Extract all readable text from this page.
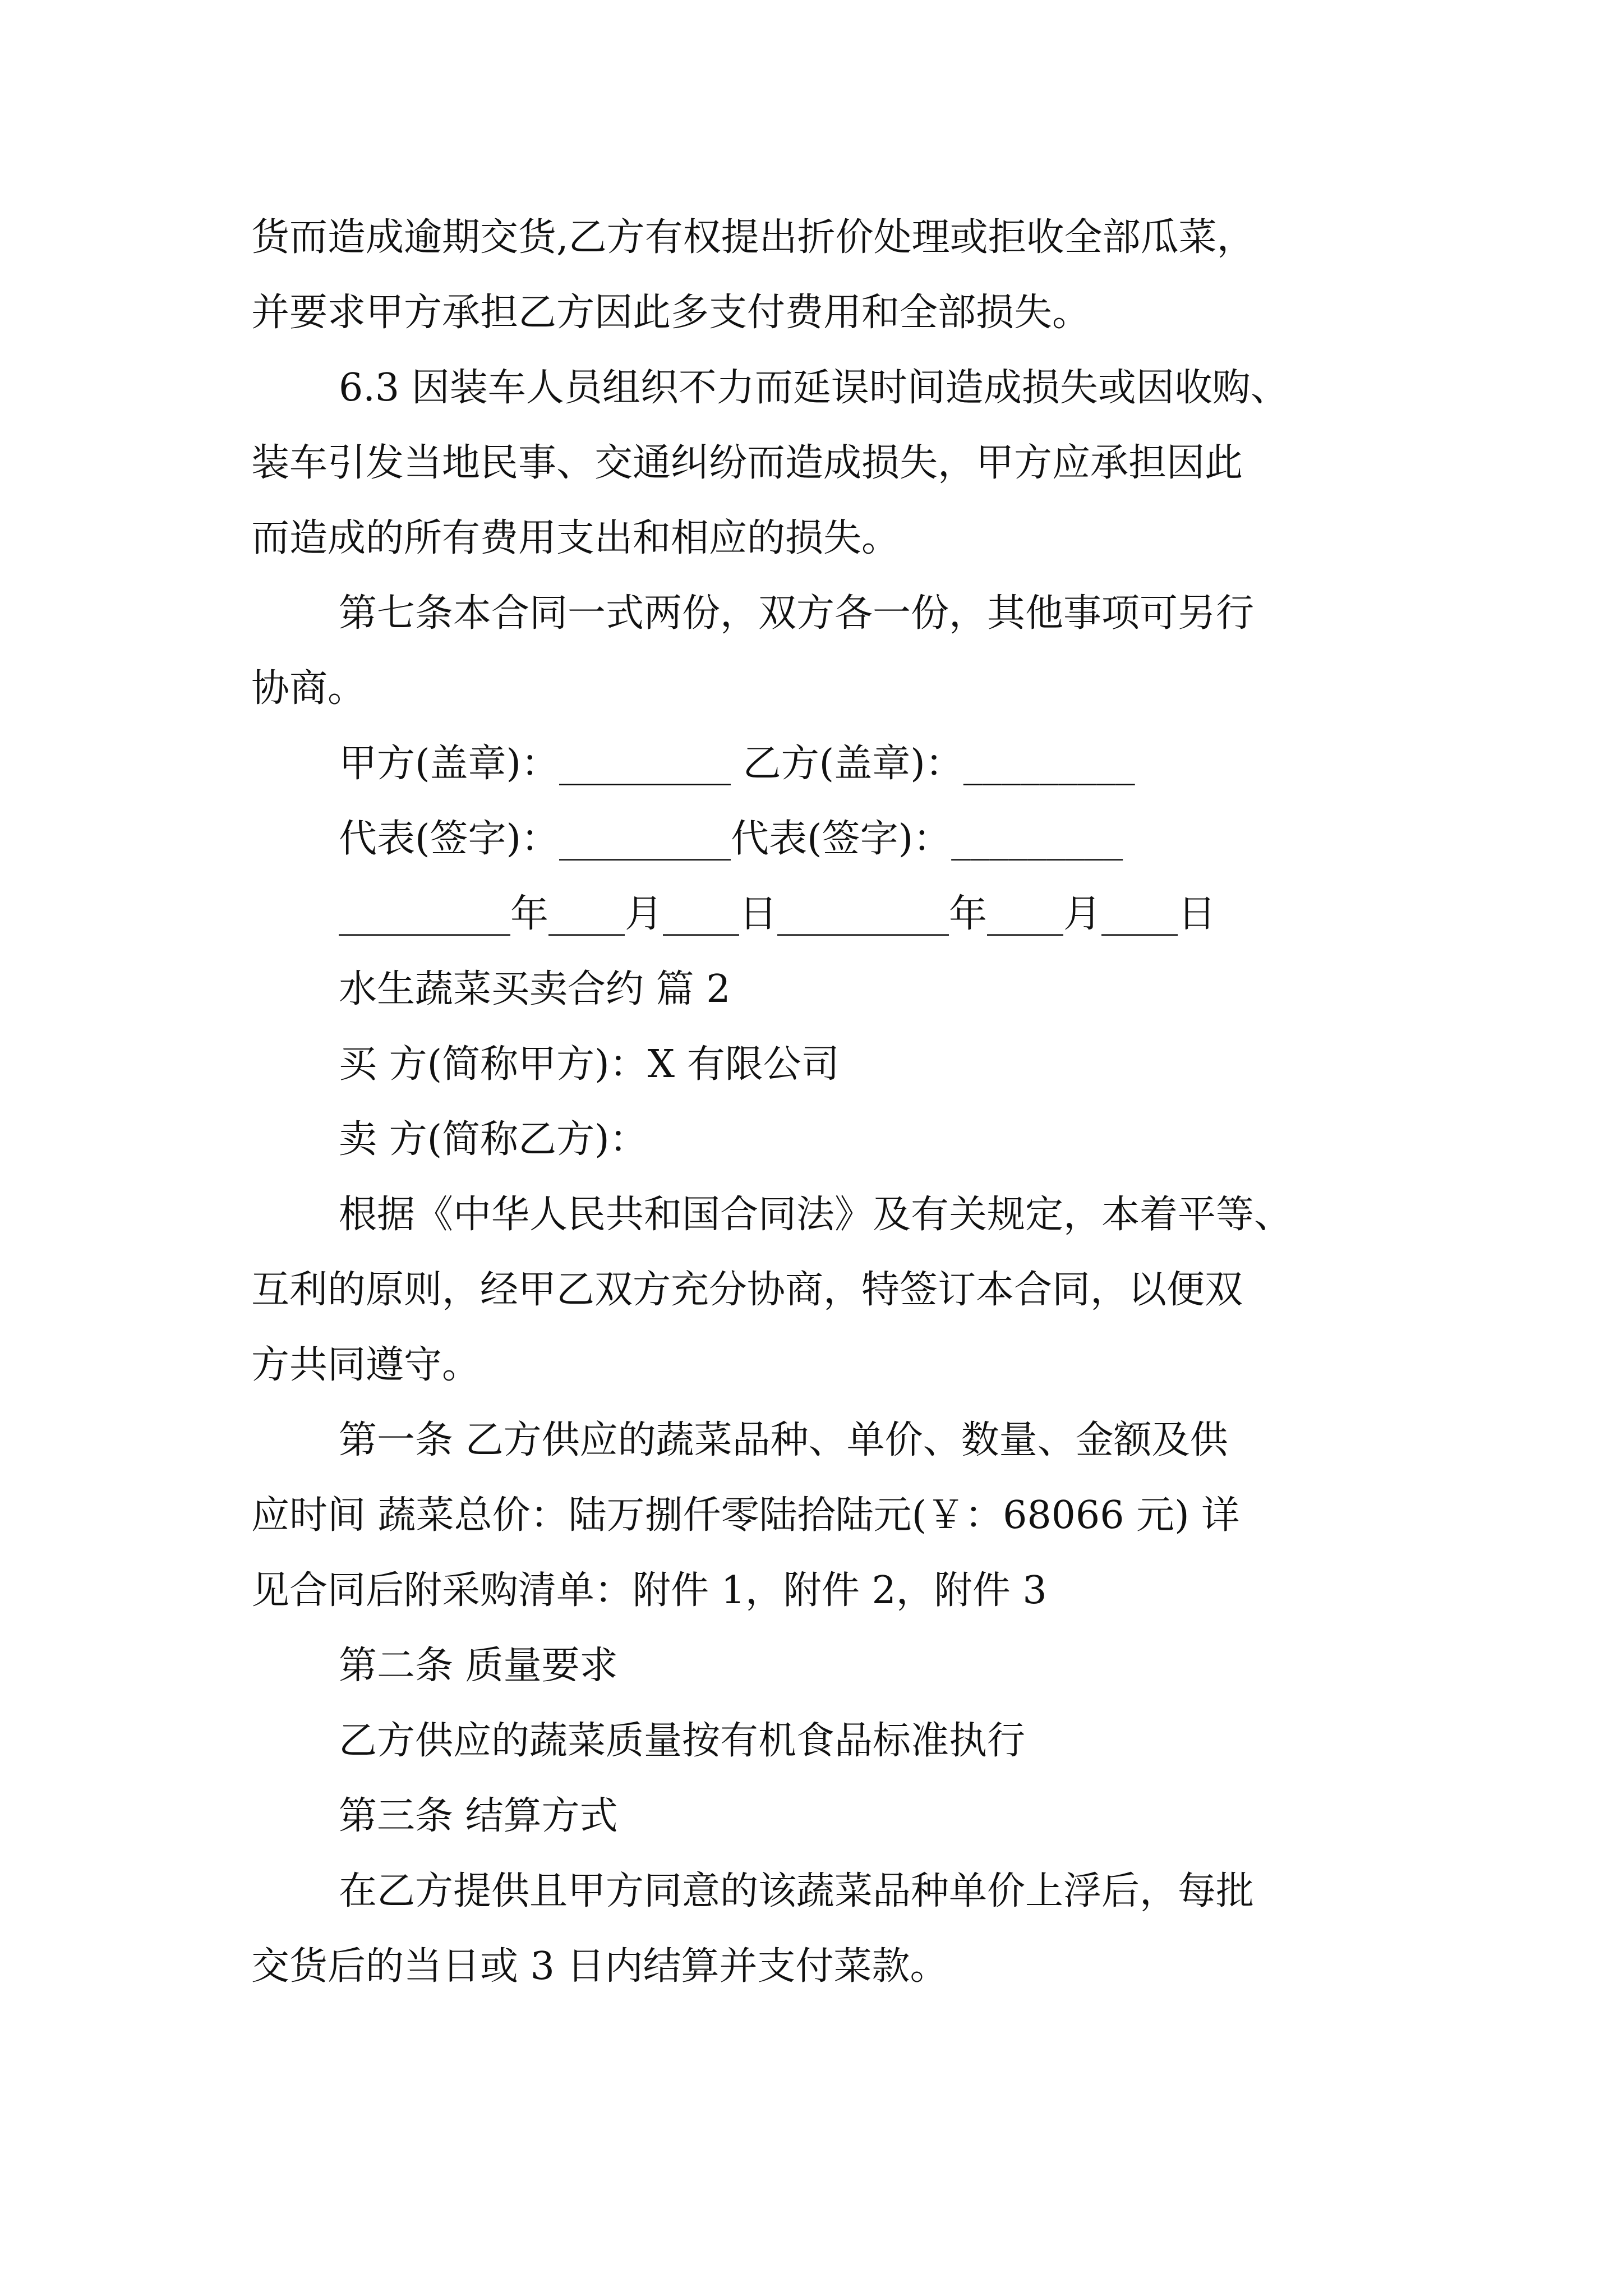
货而造成逾期交货,乙方有权提出折价处理或拒收全部瓜菜，

并要求甲方承担乙方因此多支付费用和全部损失。

6.3 因装车人员组织不力而延误时间造成损失或因收购、

装车引发当地民事、交通纠纷而造成损失，甲方应承担因此

而造成的所有费用支出和相应的损失。

第七条本合同一式两份，双方各一份，其他事项可另行

协商。

甲方(盖章)：_________ 乙方(盖章)：_________

代表(签字)：_________代表(签字)：_________

_________年____月____日_________年____月____日

水生蔬菜买卖合约 篇 2

买 方(简称甲方)：X 有限公司

卖 方(简称乙方)：

根据《中华人民共和国合同法》及有关规定，本着平等、

互利的原则，经甲乙双方充分协商，特签订本合同，以便双

方共同遵守。

第一条 乙方供应的蔬菜品种、单价、数量、金额及供

应时间 蔬菜总价：陆万捌仟零陆拾陆元(￥：68066 元) 详

见合同后附采购清单：附件 1，附件 2，附件 3

第二条 质量要求

乙方供应的蔬菜质量按有机食品标准执行

第三条 结算方式

在乙方提供且甲方同意的该蔬菜品种单价上浮后，每批

交货后的当日或 3 日内结算并支付菜款。
